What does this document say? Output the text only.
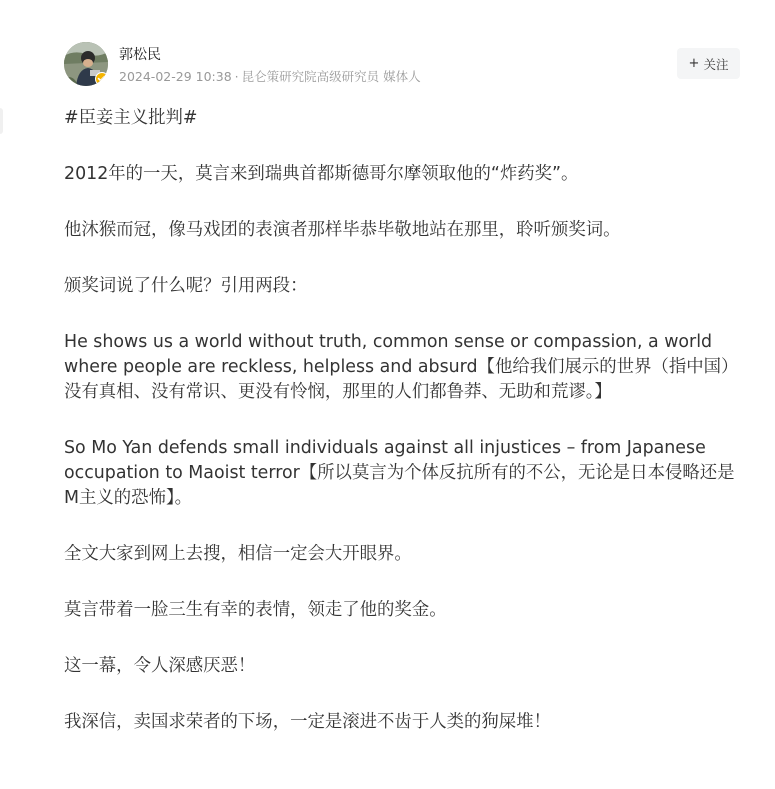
郭松民
2024-02-29 10:38 · 昆仑策研究院高级研究员 媒体人
+ 关注

#臣妾主义批判#

2012年的一天，莫言来到瑞典首都斯德哥尔摩领取他的“炸药奖”。

他沐猴而冠，像马戏团的表演者那样毕恭毕敬地站在那里，聆听颁奖词。

颁奖词说了什么呢？引用两段：

He shows us a world without truth, common sense or compassion, a world where people are reckless, helpless and absurd【他给我们展示的世界（指中国）没有真相、没有常识、更没有怜悯，那里的人们都鲁莽、无助和荒谬。】

So Mo Yan defends small individuals against all injustices – from Japanese occupation to Maoist terror【所以莫言为个体反抗所有的不公，无论是日本侵略还是M主义的恐怖】。

全文大家到网上去搜，相信一定会大开眼界。

莫言带着一脸三生有幸的表情，领走了他的奖金。

这一幕，令人深感厌恶！

我深信，卖国求荣者的下场，一定是滚进不齿于人类的狗屎堆！
